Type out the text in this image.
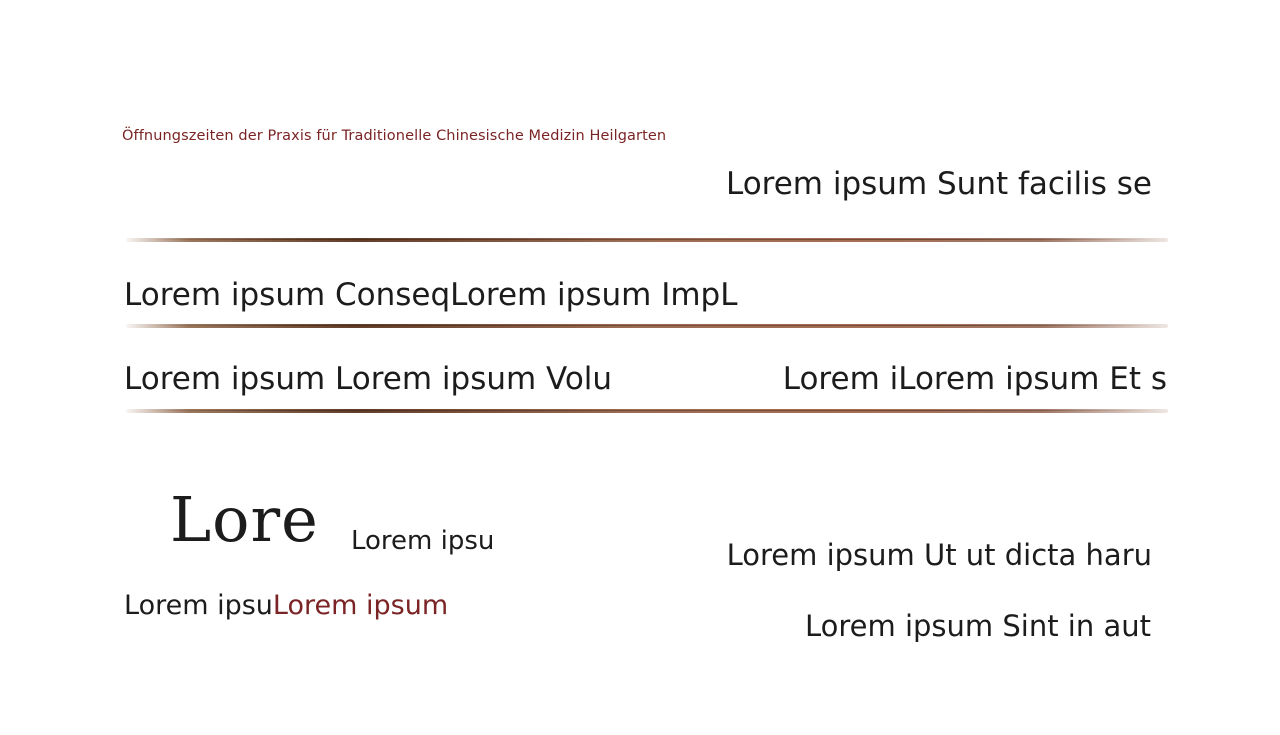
Öffnungszeiten der Praxis für Traditionelle Chinesische Medizin Heilgarten
Lorem ipsum Sunt facilis se
Lorem ipsum ConseqLorem ipsum ImpL
Lorem ipsum Lorem ipsum Volu	Lorem iLorem ipsum Et s
Lore Lorem ipsu
Lorem ipsuLorem ipsum
Lorem ipsum Ut ut dicta haru
Lorem ipsum Sint in aut
